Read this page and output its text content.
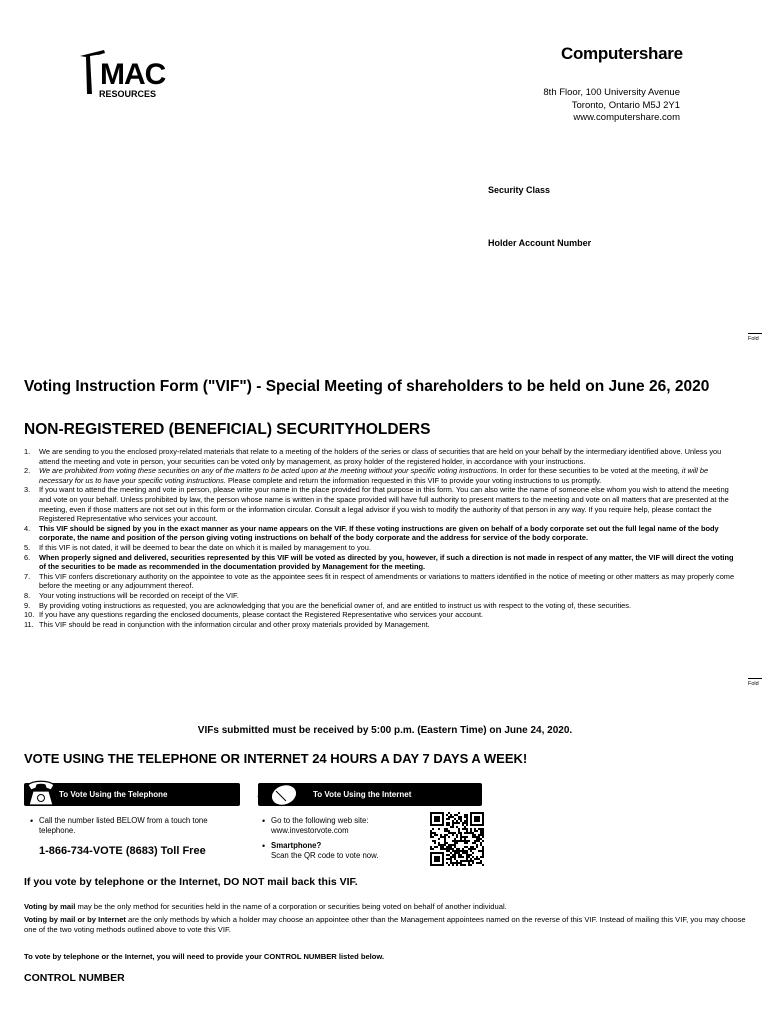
MAC
RESOURCES
Computershare
8th Floor, 100 University Avenue
Toronto, Ontario M5J 2Y1
www.computershare.com
Security Class
Holder Account Number
Fold
Voting Instruction Form ("VIF") - Special Meeting of shareholders to be held on June 26, 2020
NON-REGISTERED (BENEFICIAL) SECURITYHOLDERS
1. We are sending to you the enclosed proxy-related materials that relate to a meeting of the holders of the series or class of securities that are held on your behalf by the intermediary identified above. Unless you attend the meeting and vote in person, your securities can be voted only by management, as proxy holder of the registered holder, in accordance with your instructions.
2. We are prohibited from voting these securities on any of the matters to be acted upon at the meeting without your specific voting instructions. In order for these securities to be voted at the meeting, it will be necessary for us to have your specific voting instructions. Please complete and return the information requested in this VIF to provide your voting instructions to us promptly.
3. If you want to attend the meeting and vote in person, please write your name in the place provided for that purpose in this form. You can also write the name of someone else whom you wish to attend the meeting and vote on your behalf. Unless prohibited by law, the person whose name is written in the space provided will have full authority to present matters to the meeting and vote on all matters that are presented at the meeting, even if those matters are not set out in this form or the information circular. Consult a legal advisor if you wish to modify the authority of that person in any way. If you require help, please contact the Registered Representative who services your account.
4. This VIF should be signed by you in the exact manner as your name appears on the VIF. If these voting instructions are given on behalf of a body corporate set out the full legal name of the body corporate, the name and position of the person giving voting instructions on behalf of the body corporate and the address for service of the body corporate.
5. If this VIF is not dated, it will be deemed to bear the date on which it is mailed by management to you.
6. When properly signed and delivered, securities represented by this VIF will be voted as directed by you, however, if such a direction is not made in respect of any matter, the VIF will direct the voting of the securities to be made as recommended in the documentation provided by Management for the meeting.
7. This VIF confers discretionary authority on the appointee to vote as the appointee sees fit in respect of amendments or variations to matters identified in the notice of meeting or other matters as may properly come before the meeting or any adjournment thereof.
8. Your voting instructions will be recorded on receipt of the VIF.
9. By providing voting instructions as requested, you are acknowledging that you are the beneficial owner of, and are entitled to instruct us with respect to the voting of, these securities.
10. If you have any questions regarding the enclosed documents, please contact the Registered Representative who services your account.
11. This VIF should be read in conjunction with the information circular and other proxy materials provided by Management.
Fold
VIFs submitted must be received by 5:00 p.m. (Eastern Time) on June 24, 2020.
VOTE USING THE TELEPHONE OR INTERNET 24 HOURS A DAY 7 DAYS A WEEK!
To Vote Using the Telephone	To Vote Using the Internet
• Call the number listed BELOW from a touch tone telephone.
1-866-734-VOTE (8683) Toll Free
• Go to the following web site:
www.investorvote.com
• Smartphone?
Scan the QR code to vote now.
If you vote by telephone or the Internet, DO NOT mail back this VIF.
Voting by mail may be the only method for securities held in the name of a corporation or securities being voted on behalf of another individual.
Voting by mail or by Internet are the only methods by which a holder may choose an appointee other than the Management appointees named on the reverse of this VIF. Instead of mailing this VIF, you may choose one of the two voting methods outlined above to vote this VIF.
To vote by telephone or the Internet, you will need to provide your CONTROL NUMBER listed below.
CONTROL NUMBER
